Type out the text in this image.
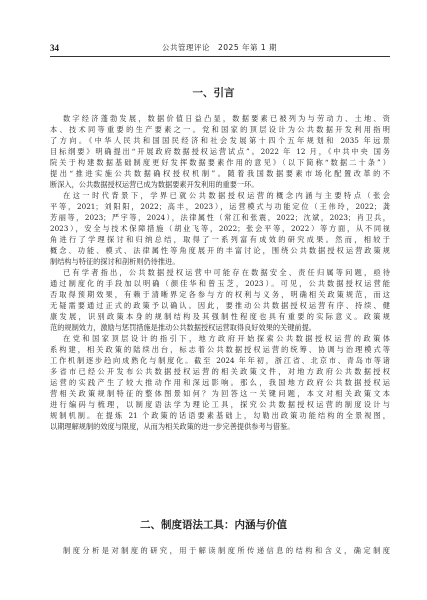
34	公共管理评论　2025 年第 1 期
一、引言
数字经济蓬勃发展，数据价值日益凸显，数据要素已被列为与劳动力、土地、资
本、技术同等重要的生产要素之一。党和国家的顶层设计为公共数据开发利用指明
了方向。《中华人民共和国国民经济和社会发展第十四个五年规划和 2035 年远景
目标纲要》明确提出“开展政府数据授权运营试点”。2022 年 12 月，《中共中央 国务
院关于构建数据基础制度更好发挥数据要素作用的意见》（以下简称“数据二十条”）
提出“推进实施公共数据确权授权机制”。随着我国数据要素市场化配置改革的不
断深入，公共数据授权运营已成为数据要素开发利用的重要一环。
在这一时代背景下，学界已就公共数据授权运营的概念内涵与主要特点（张会
平等，2021；刘阳阳，2022；高丰，2023），运营模式与功能定位（王伟玲，2022；龚
芳丽等，2023；严宇等，2024），法律属性（常江和张震，2022；沈斌，2023；肖卫兵，
2023），安全与技术保障措施（胡业飞等，2022；张会平等，2022）等方面，从不同视
角进行了学理探讨和归纳总结，取得了一系列富有成效的研究成果。然而，相较于
概念、功能、模式、法律属性等角度展开的丰富讨论，围绕公共数据授权运营政策规
制结构与特征的探讨和剖析则仍待推进。
已有学者指出，公共数据授权运营中可能存在数据安全、责任归属等问题，亟待
通过制度化的手段加以明确（颜佳华和曾玉芝，2023）。可见，公共数据授权运营能
否取得预期效果，有赖于清晰界定各参与方的权利与义务，明确相关政策规范，而这
无疑需要通过正式的政策予以确认。因此，要推动公共数据授权运营有序、持续、健
康发展，识别政策本身的规制结构及其强制性程度也具有重要的实际意义。政策规
范的规制效力，激励与惩罚措施是推动公共数据授权运营取得良好效果的关键前提。
在党和国家顶层设计的指引下，地方政府开始探索公共数据授权运营的政策体
系构建，相关政策的陆续出台，标志着公共数据授权运营的统筹、协调与治理模式等
工作机制逐步趋向成熟化与制度化。截至 2024 年年初，浙江省、北京市、青岛市等诸
多省市已经公开发布公共数据授权运营的相关政策文件，对地方政府公共数据授权
运营的实践产生了较大推动作用和深远影响。那么，我国地方政府公共数据授权运
营相关政策规制特征的整体图景如何？为回答这一关键问题，本文对相关政策文本
进行编码与梳理，以制度语法学为理论工具，探究公共数据授权运营的制度设计与
规制机制。在提炼 21 个政策的话语要素基础上，勾勒出政策功能结构的全景视图，
以期理解规制的效度与限度，从而为相关政策的进一步完善提供参考与借鉴。
二、制度语法工具：内涵与价值
制度分析是对制度的研究，用于解读制度所传递信息的结构和含义，确定制度
